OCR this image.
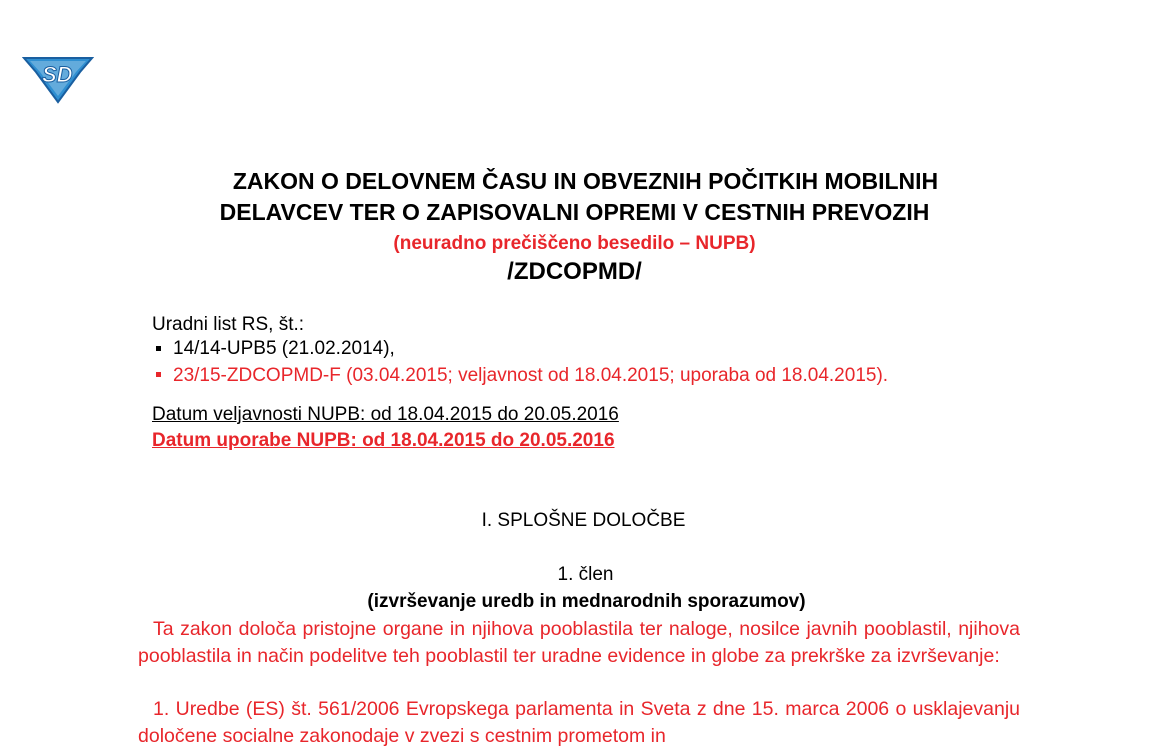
SD
ZAKON O DELOVNEM ČASU IN OBVEZNIH POČITKIH MOBILNIH
DELAVCEV TER O ZAPISOVALNI OPREMI V CESTNIH PREVOZIH
(neuradno prečiščeno besedilo – NUPB)
/ZDCOPMD/
Uradni list RS, št.:
14/14-UPB5 (21.02.2014),
23/15-ZDCOPMD-F (03.04.2015; veljavnost od 18.04.2015; uporaba od 18.04.2015).
Datum veljavnosti NUPB: od 18.04.2015 do 20.05.2016
Datum uporabe NUPB: od 18.04.2015 do 20.05.2016
I. SPLOŠNE DOLOČBE
1. člen
(izvrševanje uredb in mednarodnih sporazumov)
Ta zakon določa pristojne organe in njihova pooblastila ter naloge, nosilce javnih pooblastil, njihova pooblastila in način podelitve teh pooblastil ter uradne evidence in globe za prekrške za izvrševanje:
1. Uredbe (ES) št. 561/2006 Evropskega parlamenta in Sveta z dne 15. marca 2006 o usklajevanju določene socialne zakonodaje v zvezi s cestnim prometom in
